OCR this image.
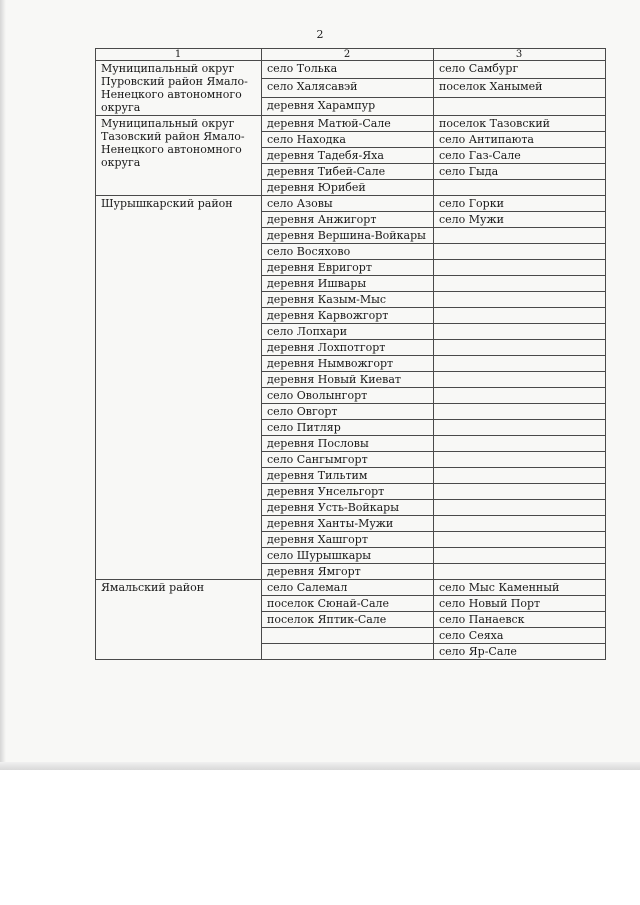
2
1	2	3
Муниципальный округ Пуровский район Ямало-Ненецкого автономного округа	село Толька	село Самбург
	село Халясавэй	поселок Ханымей
	деревня Харампур	
Муниципальный округ Тазовский район Ямало-Ненецкого автономного округа	деревня Матюй-Сале	поселок Тазовский
	село Находка	село Антипаюта
	деревня Тадебя-Яха	село Газ-Сале
	деревня Тибей-Сале	село Гыда
	деревня Юрибей	
Шурышкарский район	село Азовы	село Горки
	деревня Анжигорт	село Мужи
	деревня Вершина-Войкары	
	село Восяхово	
	деревня Евригорт	
	деревня Ишвары	
	деревня Казым-Мыс	
	деревня Карвожгорт	
	село Лопхари	
	деревня Лохпотгорт	
	деревня Нымвожгорт	
	деревня Новый Киеват	
	село Оволынгорт	
	село Овгорт	
	село Питляр	
	деревня Пословы	
	село Сангымгорт	
	деревня Тильтим	
	деревня Унсельгорт	
	деревня Усть-Войкары	
	деревня Ханты-Мужи	
	деревня Хашгорт	
	село Шурышкары	
	деревня Ямгорт	
Ямальский район	село Салемал	село Мыс Каменный
	поселок Сюнай-Сале	село Новый Порт
	поселок Яптик-Сале	село Панаевск
		село Сеяха
		село Яр-Сале
